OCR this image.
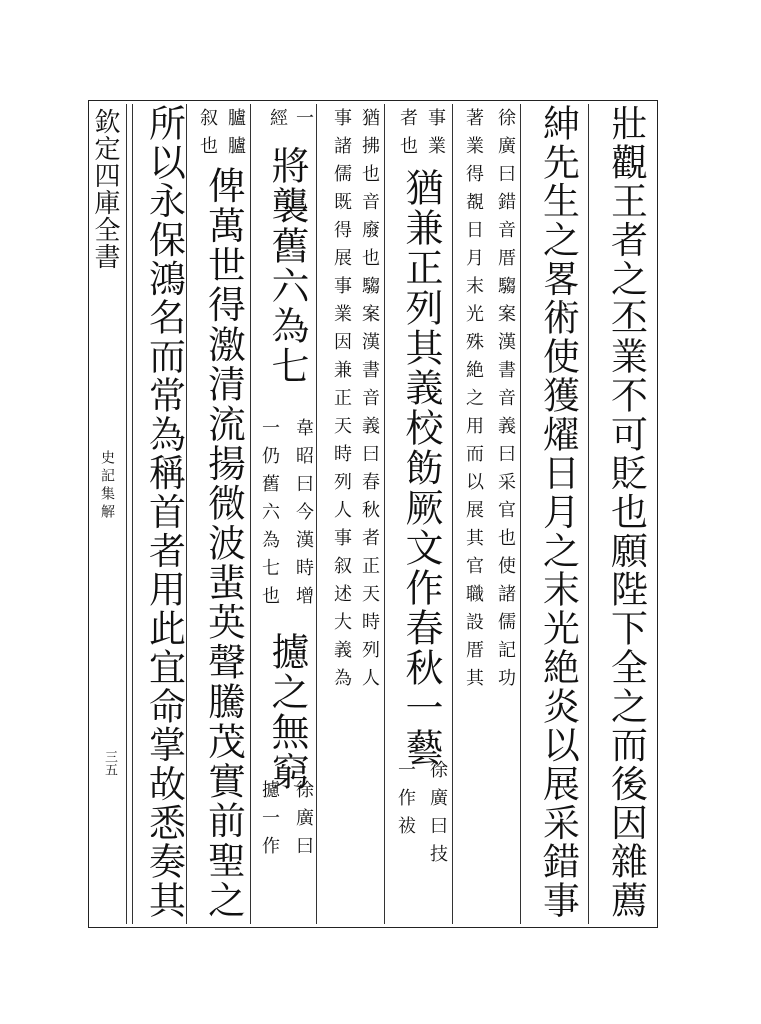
欽定四庫全書
史記集解
三五 所以永保鴻名而常為稱首者用此宜命掌故悉奏其 叙也 臚臚
俾萬世得激清流揚微波蜚英聲騰茂實前聖之
經 一
將襲舊六為七
一仍舊六為七也 韋昭曰今漢時增
攄之無窮
攄一作 徐廣曰
事諸儒既得展事業因兼正天時列人事叙述大義為 猶拂也音廢也騶案漢書音義曰春秋者正天時列人 者也 事業
猶兼正列其義校飭厥文作春秋一藝
一作祓 徐廣曰技
著業得覩日月末光殊絶之用而以展其官職設厝其 徐廣曰錯音厝騶案漢書音義曰采官也使諸儒記功 紳先生之畧術使獲燿日月之末光絶炎以展采錯事 壯觀王者之丕業不可貶也願陛下全之而後因雜薦
